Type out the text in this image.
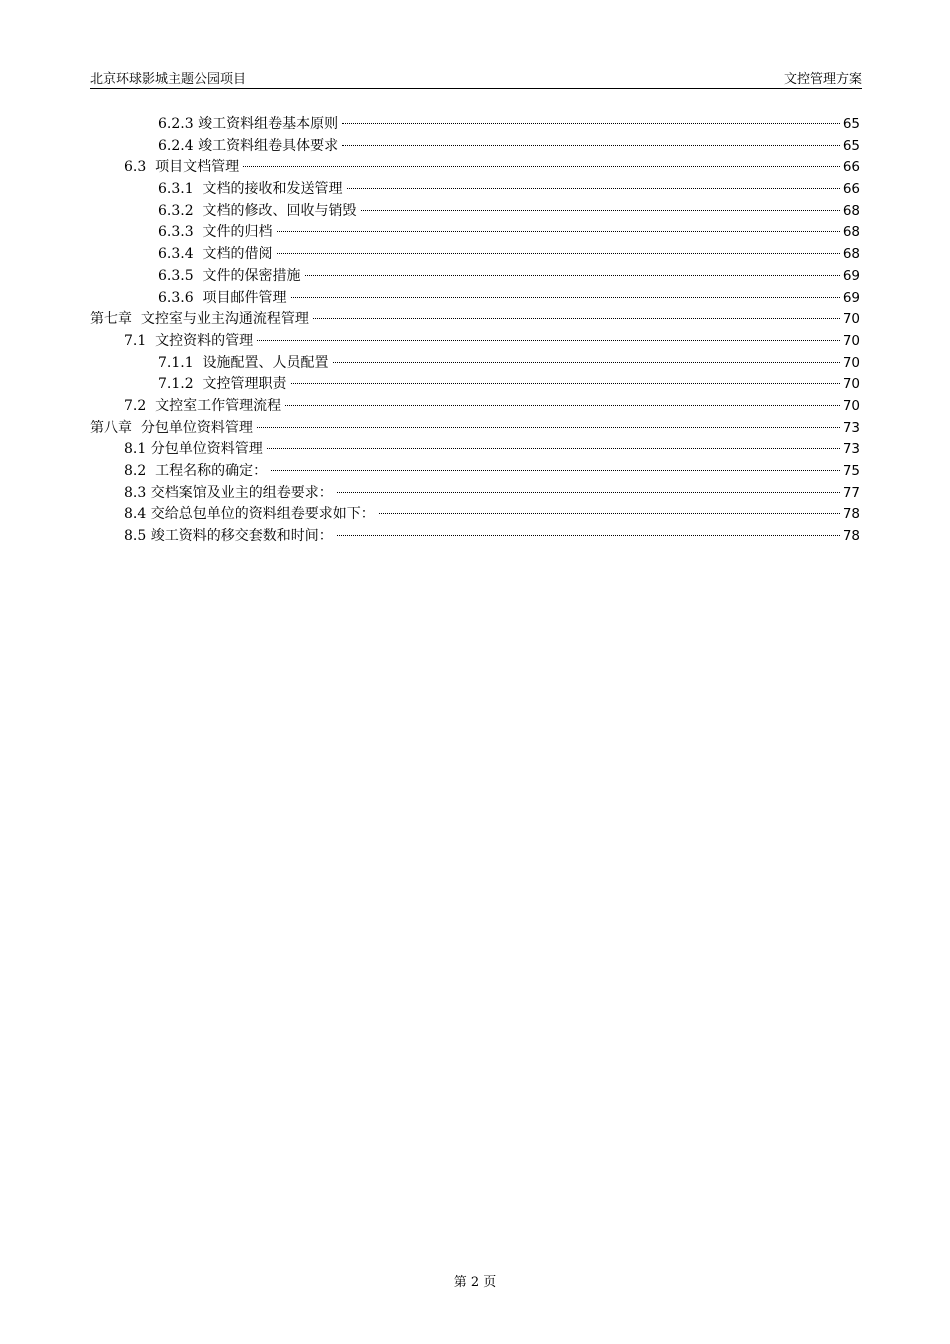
北京环球影城主题公园项目	文控管理方案
6.2.3 竣工资料组卷基本原则	65
6.2.4 竣工资料组卷具体要求	65
6.3  项目文档管理	66
6.3.1  文档的接收和发送管理	66
6.3.2  文档的修改、回收与销毁	68
6.3.3  文件的归档	68
6.3.4  文档的借阅	68
6.3.5  文件的保密措施	69
6.3.6  项目邮件管理	69
第七章  文控室与业主沟通流程管理	70
7.1  文控资料的管理	70
7.1.1  设施配置、人员配置	70
7.1.2  文控管理职责	70
7.2  文控室工作管理流程	70
第八章  分包单位资料管理	73
8.1 分包单位资料管理	73
8.2  工程名称的确定：	75
8.3 交档案馆及业主的组卷要求：	77
8.4 交给总包单位的资料组卷要求如下：	78
8.5 竣工资料的移交套数和时间：	78
第 2 页
